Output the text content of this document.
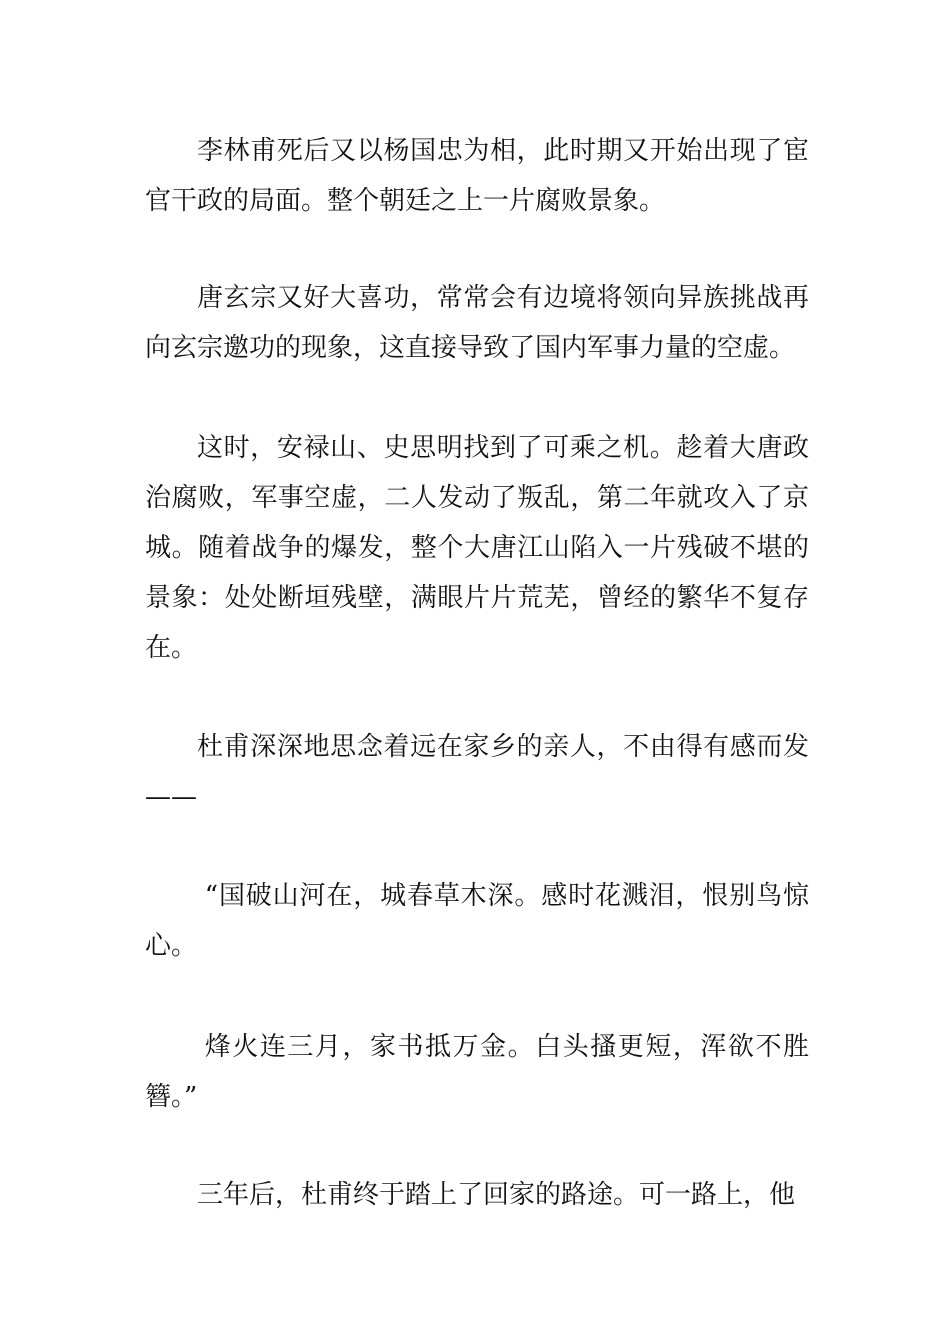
李林甫死后又以杨国忠为相，此时期又开始出现了宦官干政的局面。整个朝廷之上一片腐败景象。

唐玄宗又好大喜功，常常会有边境将领向异族挑战再向玄宗邀功的现象，这直接导致了国内军事力量的空虚。

这时，安禄山、史思明找到了可乘之机。趁着大唐政治腐败，军事空虚，二人发动了叛乱，第二年就攻入了京城。随着战争的爆发，整个大唐江山陷入一片残破不堪的景象：处处断垣残壁，满眼片片荒芜，曾经的繁华不复存在。

杜甫深深地思念着远在家乡的亲人，不由得有感而发——

“国破山河在，城春草木深。感时花溅泪，恨别鸟惊心。

烽火连三月，家书抵万金。白头搔更短，浑欲不胜簪。”

三年后，杜甫终于踏上了回家的路途。可一路上，他
